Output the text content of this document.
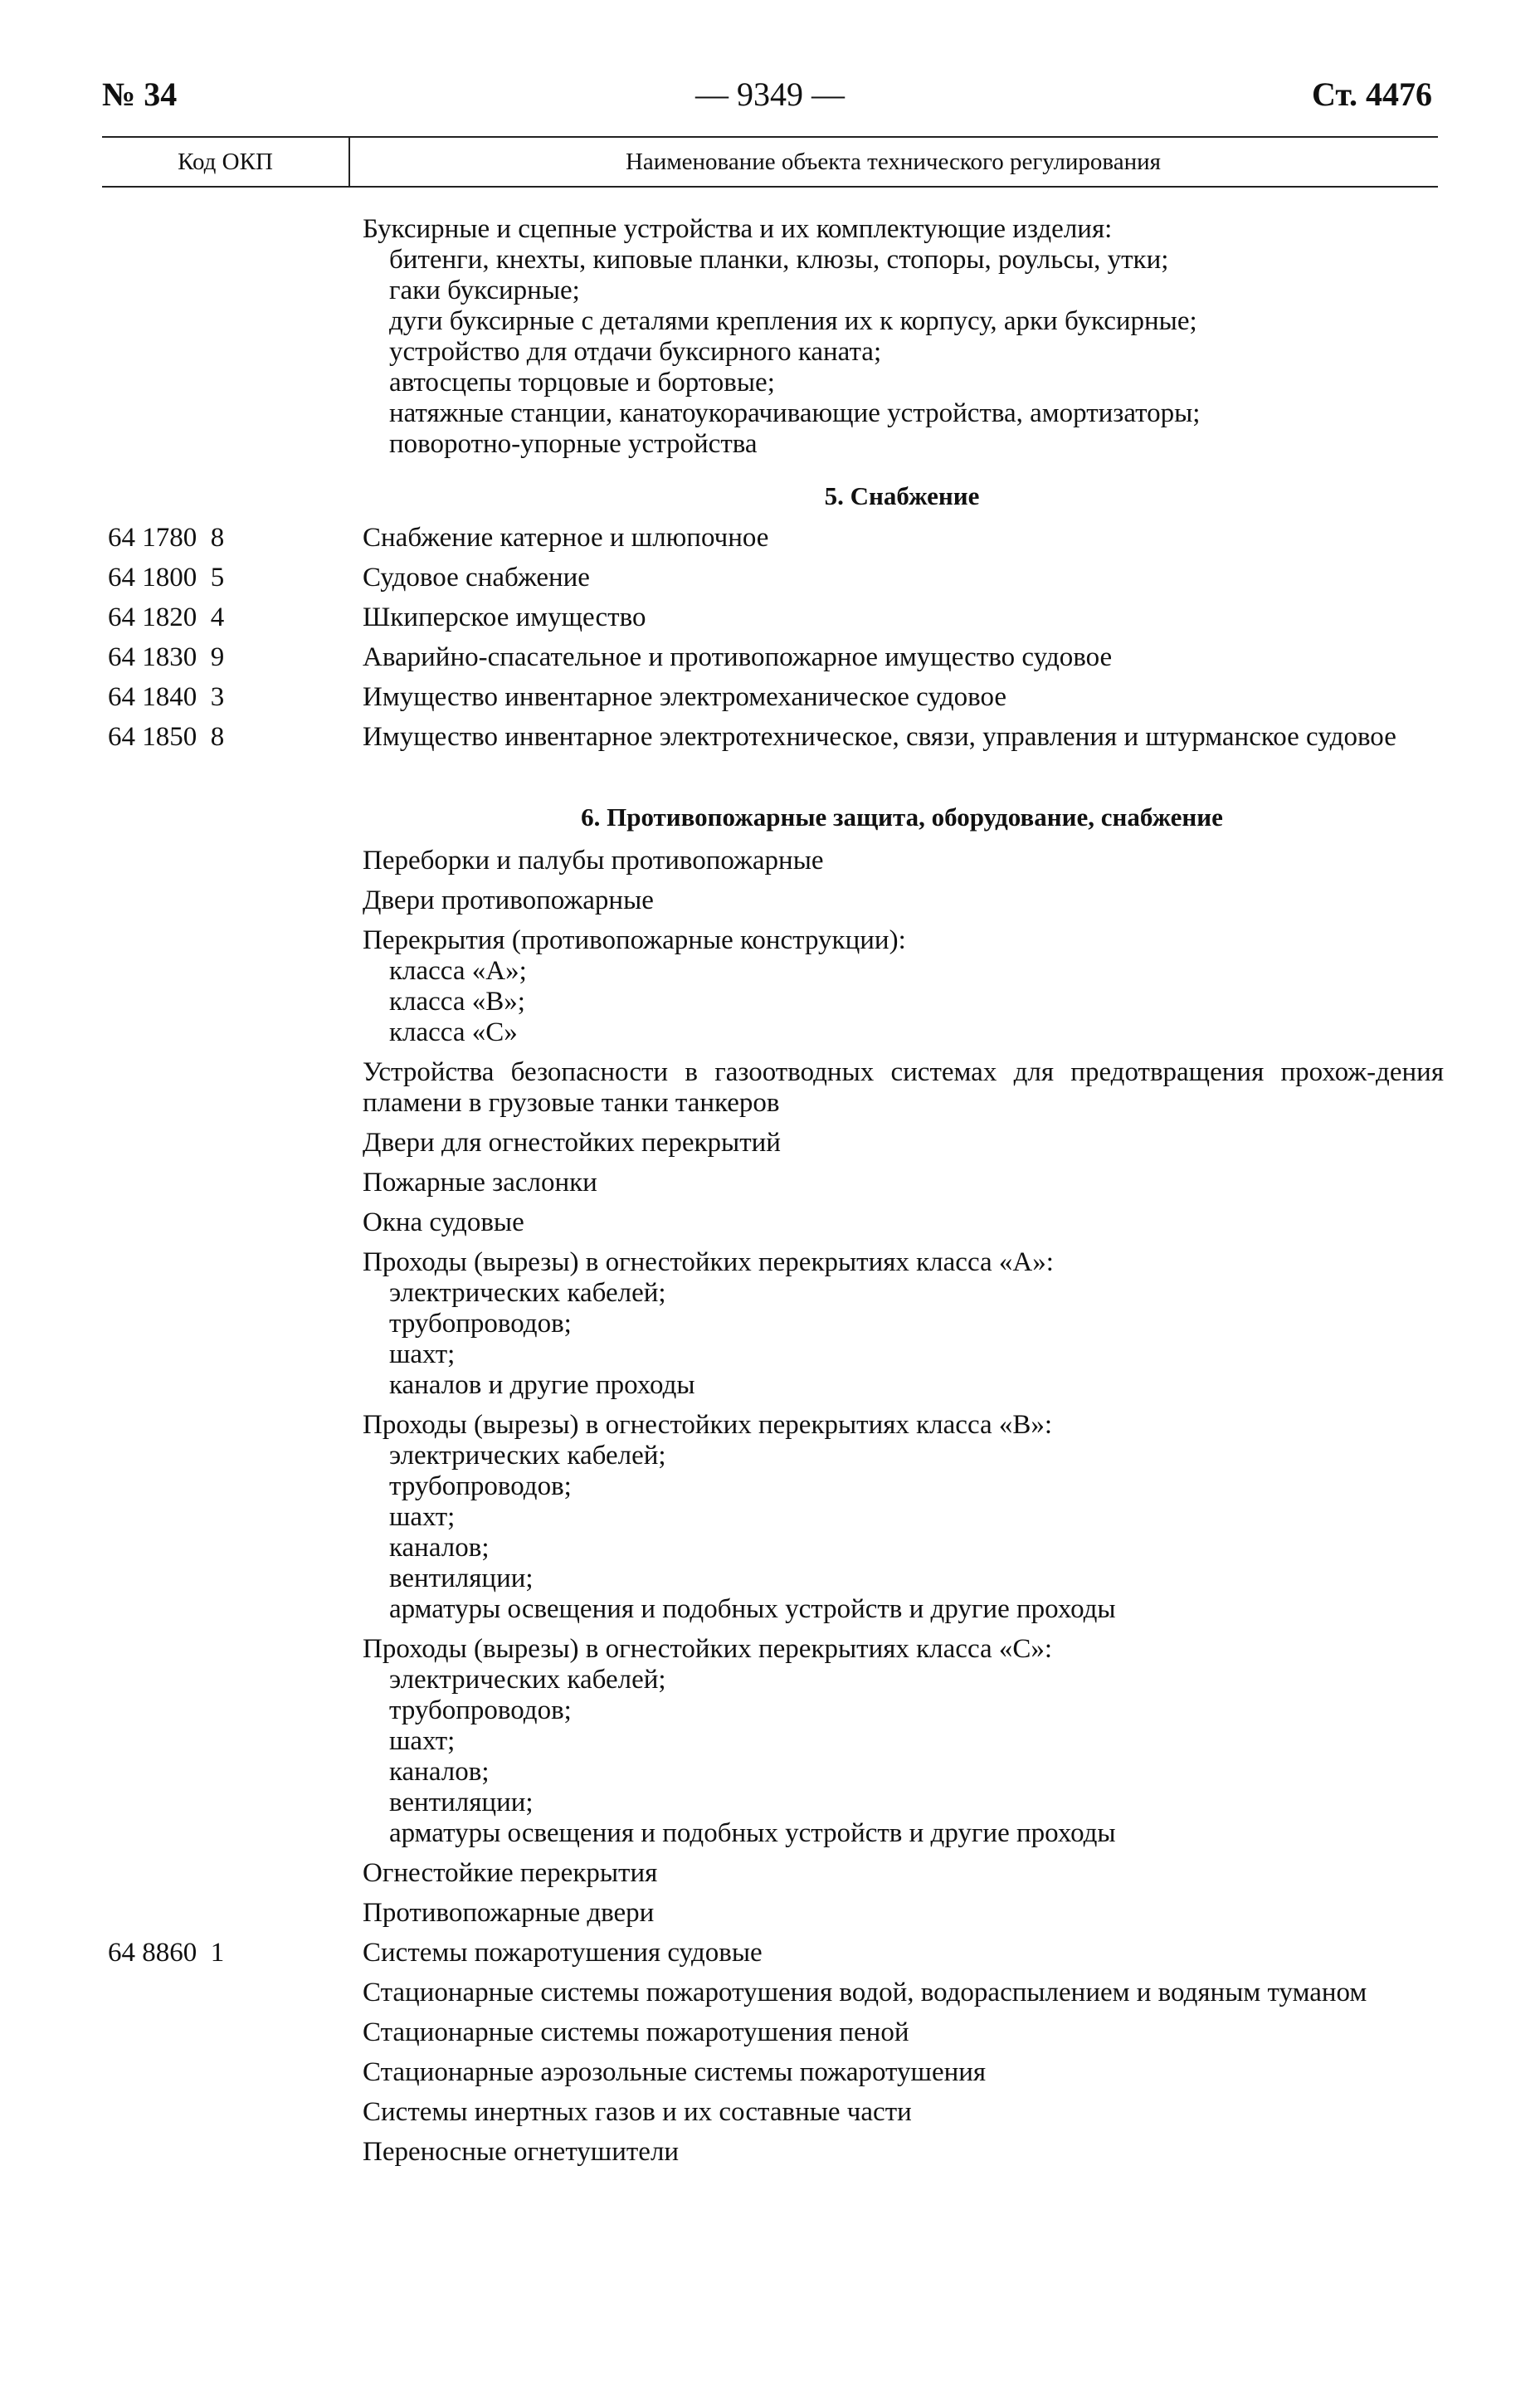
— 9349 —
№ 34	Ст. 4476
Код ОКП	Наименование объекта технического регулирования
Буксирные и сцепные устройства и их комплектующие изделия:
битенги, кнехты, киповые планки, клюзы, стопоры, роульсы, утки;
гаки буксирные;
дуги буксирные с деталями крепления их к корпусу, арки буксирные;
устройство для отдачи буксирного каната;
автосцепы торцовые и бортовые;
натяжные станции, канатоукорачивающие устройства, амортизаторы;
поворотно-упорные устройства
5. Снабжение
64 1780  8	Снабжение катерное и шлюпочное
64 1800  5	Судовое снабжение
64 1820  4	Шкиперское имущество
64 1830  9	Аварийно-спасательное и противопожарное имущество судовое
64 1840  3	Имущество инвентарное электромеханическое судовое
64 1850  8	Имущество инвентарное электротехническое, связи, управления и штурманское судовое
6. Противопожарные защита, оборудование, снабжение
Переборки и палубы противопожарные
Двери противопожарные
Перекрытия (противопожарные конструкции):
класса «А»;
класса «В»;
класса «С»
Устройства безопасности в газоотводных системах для предотвращения прохож-дения пламени в грузовые танки танкеров
Двери для огнестойких перекрытий
Пожарные заслонки
Окна судовые
Проходы (вырезы) в огнестойких перекрытиях класса «А»:
электрических кабелей;
трубопроводов;
шахт;
каналов и другие проходы
Проходы (вырезы) в огнестойких перекрытиях класса «В»:
электрических кабелей;
трубопроводов;
шахт;
каналов;
вентиляции;
арматуры освещения и подобных устройств и другие проходы
Проходы (вырезы) в огнестойких перекрытиях класса «С»:
электрических кабелей;
трубопроводов;
шахт;
каналов;
вентиляции;
арматуры освещения и подобных устройств и другие проходы
Огнестойкие перекрытия
Противопожарные двери
64 8860  1	Системы пожаротушения судовые
Стационарные системы пожаротушения водой, водораспылением и водяным туманом
Стационарные системы пожаротушения пеной
Стационарные аэрозольные системы пожаротушения
Системы инертных газов и их составные части
Переносные огнетушители
